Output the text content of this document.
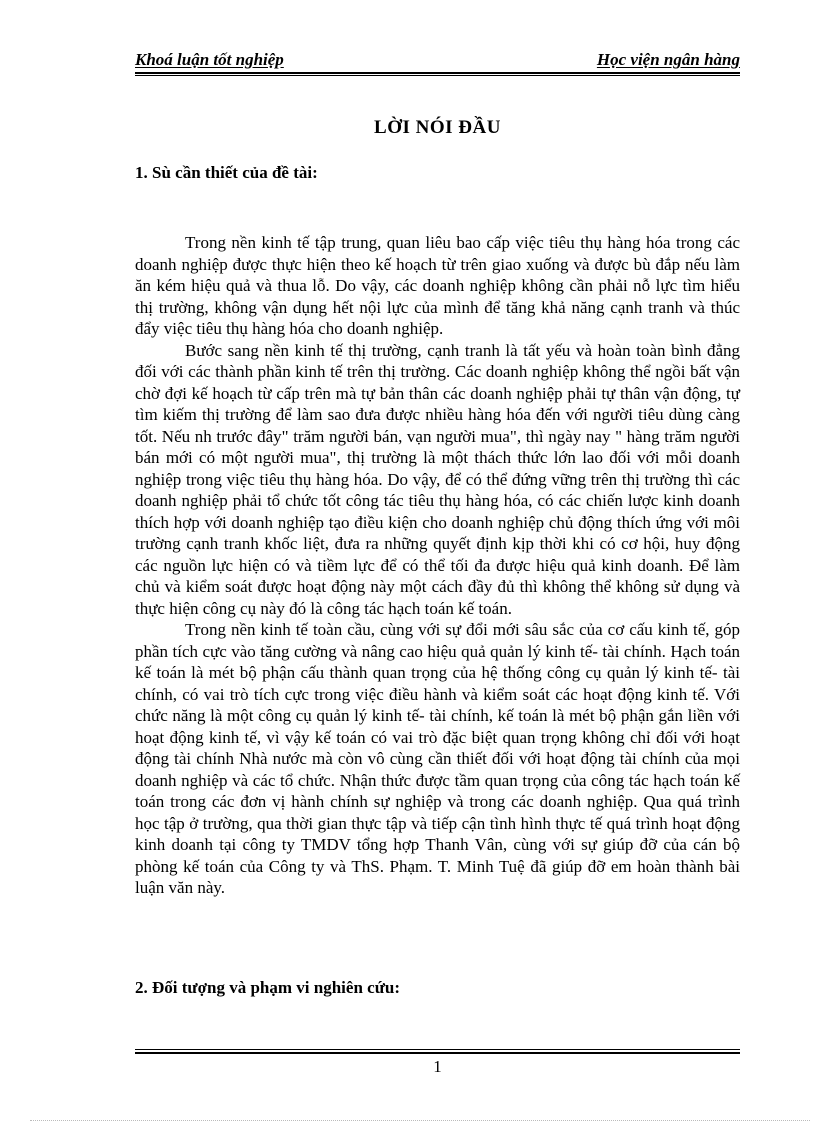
Khoá luận tốt nghiệp	Học viện ngân hàng
LỜI NÓI ĐẦU
1. Sù cần thiết của đề tài:

Trong nền kinh tế tập trung, quan liêu bao cấp việc tiêu thụ hàng hóa trong các doanh nghiệp được thực hiện theo kế hoạch từ trên giao xuống và được bù đắp nếu làm ăn kém hiệu quả và thua lỗ. Do vậy, các doanh nghiệp không cần phải nỗ lực tìm hiểu thị trường, không vận dụng hết nội lực của mình để tăng khả năng cạnh tranh và thúc đẩy việc tiêu thụ hàng hóa cho doanh nghiệp.

Bước sang nền kinh tế thị trường, cạnh tranh là tất yếu và hoàn toàn bình đẳng đối với các thành phần kinh tế trên thị trường. Các doanh nghiệp không thể ngồi bất vận chờ đợi kế hoạch từ cấp trên mà tự bản thân các doanh nghiệp phải tự thân vận động, tự tìm kiếm thị trường để làm sao đưa được nhiều hàng hóa đến với người tiêu dùng càng tốt. Nếu nh trước đây" trăm người bán, vạn người mua", thì ngày nay " hàng trăm người bán mới có một người mua", thị trường là một thách thức lớn lao đối với mỗi doanh nghiệp trong việc tiêu thụ hàng hóa. Do vậy, để có thể đứng vững trên thị trường thì các doanh nghiệp phải tổ chức tốt công tác tiêu thụ hàng hóa, có các chiến lược kinh doanh thích hợp với doanh nghiệp tạo điều kiện cho doanh nghiệp chủ động thích ứng với môi trường cạnh tranh khốc liệt, đưa ra những quyết định kịp thời khi có cơ hội, huy động các nguồn lực hiện có và tiềm lực để có thể tối đa được hiệu quả kinh doanh. Để làm chủ và kiểm soát được hoạt động này một cách đầy đủ thì không thể không sử dụng và thực hiện công cụ này đó là công tác hạch toán kế toán.

Trong nền kinh tế toàn cầu, cùng với sự đổi mới sâu sắc của cơ cấu kinh tế, góp phần tích cực vào tăng cường và nâng cao hiệu quả quản lý kinh tế- tài chính. Hạch toán kế toán là mét bộ phận cấu thành quan trọng của hệ thống công cụ quản lý kinh tế- tài chính, có vai trò tích cực trong việc điều hành và kiểm soát các hoạt động kinh tế. Với chức năng là một công cụ quản lý kinh tế- tài chính, kế toán là mét bộ phận gắn liền với hoạt động kinh tế, vì vậy kế toán có vai trò đặc biệt quan trọng không chỉ đối với hoạt động tài chính Nhà nước mà còn vô cùng cần thiết đối với hoạt động tài chính của mọi doanh nghiệp và các tổ chức. Nhận thức được tầm quan trọng của công tác hạch toán kế toán trong các đơn vị hành chính sự nghiệp và trong các doanh nghiệp. Qua quá trình học tập ở trường, qua thời gian thực tập và tiếp cận tình hình thực tế quá trình hoạt động kinh doanh tại công ty TMDV tổng hợp Thanh Vân, cùng với sự giúp đỡ của cán bộ phòng kế toán của Công ty và ThS. Phạm. T. Minh Tuệ đã giúp đỡ em hoàn thành bài luận văn này.

2. Đối tượng và phạm vi nghiên cứu:
1
